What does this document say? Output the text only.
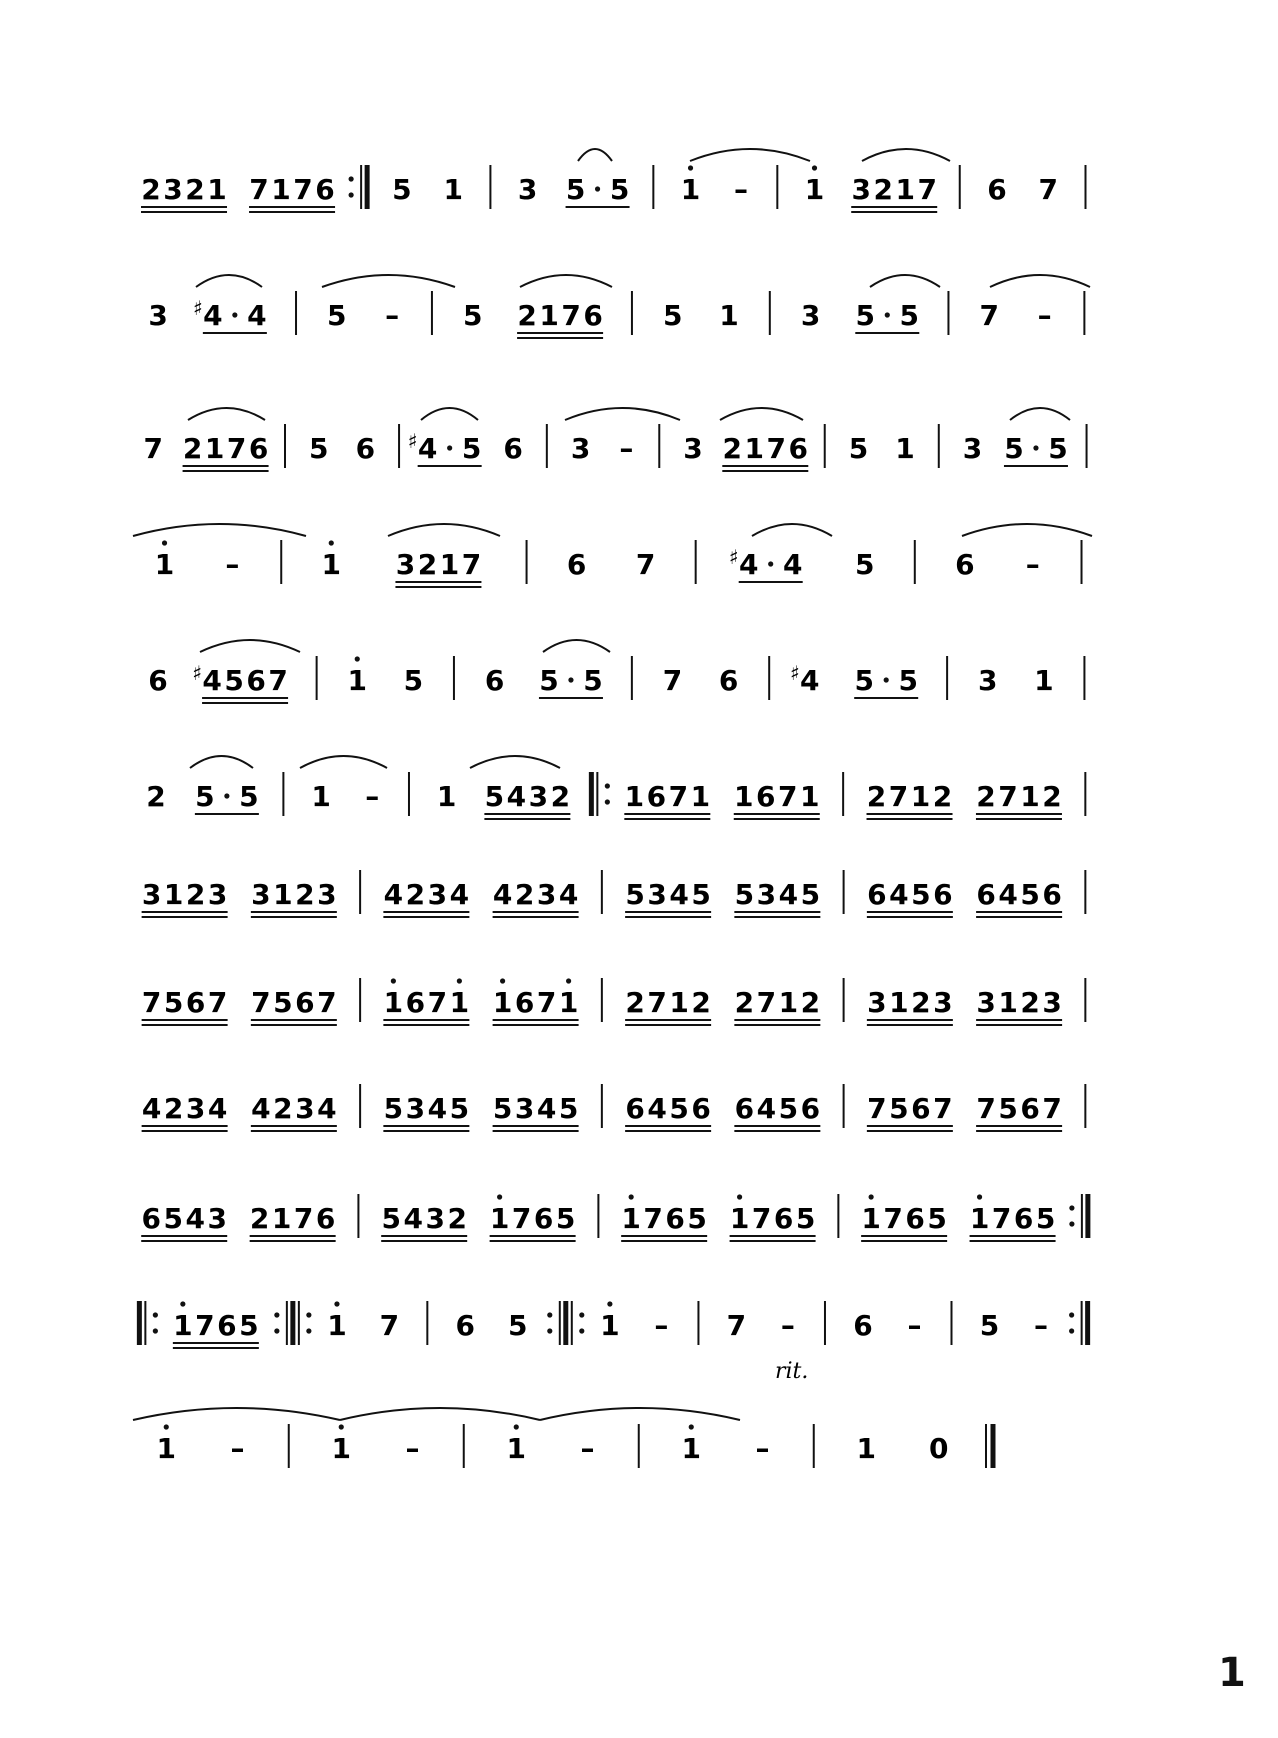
2 3 2 1 7 1 7 6 5 1 3 5 5 1 – 1 3 2 1 7 6 7
3 ♯ 4 4 5 – 5 2 1 7 6 5 1 3 5 5 7 –
7 2 1 7 6 5 6 ♯ 4 5 6 3 – 3 2 1 7 6 5 1 3 5 5
1 –	1 3 2 1 7	6 7	♯ 4 4 5	6 –
6 ♯ 4 5 6 7 1 5 6 5 5 7 6	♯ 4 5 5 3 1
2 5 5 1 – 1 5 4 3 2 1 6 7 1 1 6 7 1 2 7 1 2 2 7 1 2
3 1 2 3 3 1 2 3 4 2 3 4 4 2 3 4 5 3 4 5 5 3 4 5 6 4 5 6 6 4 5 6
7 5 6 7 7 5 6 7 1 6 7 1 1 6 7 1 2 7 1 2 2 7 1 2 3 1 2 3 3 1 2 3
4 2 3 4 4 2 3 4 5 3 4 5 5 3 4 5 6 4 5 6 6 4 5 6 7 5 6 7 7 5 6 7
6 5 4 3 2 1 7 6 5 4 3 2 1 7 6 5 1 7 6 5 1 7 6 5 1 7 6 5 1 7 6 5
1 7 6 5 1 7 6 5	1 – 7 – 6 – 5 –
1 –	1 –	1 –	1 –	1 0
rit.
1
